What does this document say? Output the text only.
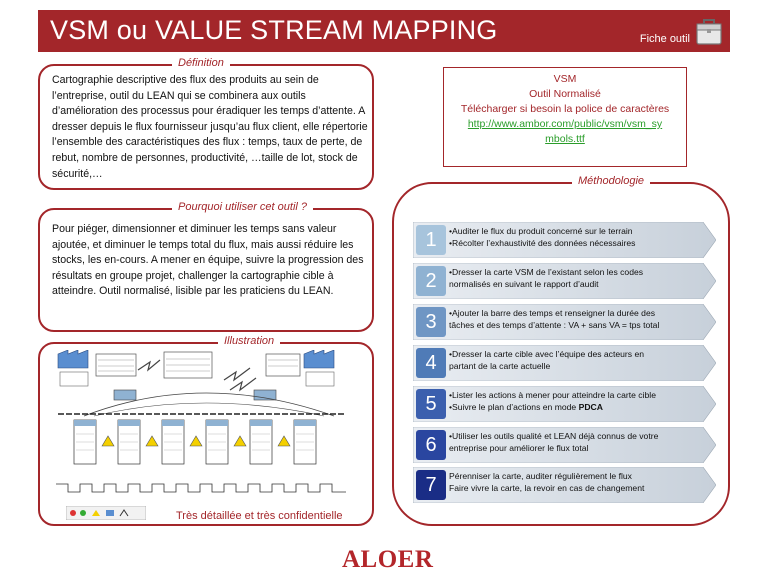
VSM ou VALUE STREAM MAPPING	Fiche outil
Définition
Cartographie descriptive des flux des produits au sein de l’entreprise, outil du LEAN qui se combinera aux outils d’amélioration des processus pour éradiquer les temps d’attente. A dresser depuis le flux fournisseur jusqu’au flux client, elle répertorie l’ensemble des caractéristiques des flux : temps, taux de perte, de rebut, nombre de personnes, productivité, …taille de lot, stock de sécurité,…
Pourquoi utiliser cet outil ?
Pour piéger, dimensionner et diminuer les temps sans valeur ajoutée, et diminuer le temps total du flux, mais aussi réduire les stocks, les en-cours. A mener en équipe, suivre la progression des résultats en groupe projet, challenger la cartographie cible à atteindre. Outil normalisé, lisible par les praticiens du LEAN.
Illustration
Très détaillée et très confidentielle
VSM
Outil Normalisé
Télécharger si besoin la police de caractères
http://www.ambor.com/public/vsm/vsm_symbols.ttf
Méthodologie
1	•Auditer le flux du produit concerné sur le terrain
•Récolter l’exhaustivité des données nécessaires
2	•Dresser la carte VSM de l’existant selon les codes
normalisés en suivant le rapport d’audit
3	•Ajouter la barre des temps et renseigner la durée des
tâches et des temps d’attente : VA + sans VA = tps total
4	•Dresser la carte cible avec l’équipe des acteurs en
partant de la carte actuelle
5	•Lister les actions à mener pour atteindre la carte cible
•Suivre le plan d’actions en mode PDCA
6	•Utiliser les outils qualité et LEAN déjà connus de votre
entreprise pour améliorer le flux total
7	Pérenniser la carte, auditer régulièrement le flux
Faire vivre la carte, la revoir en cas de changement
ALOER
